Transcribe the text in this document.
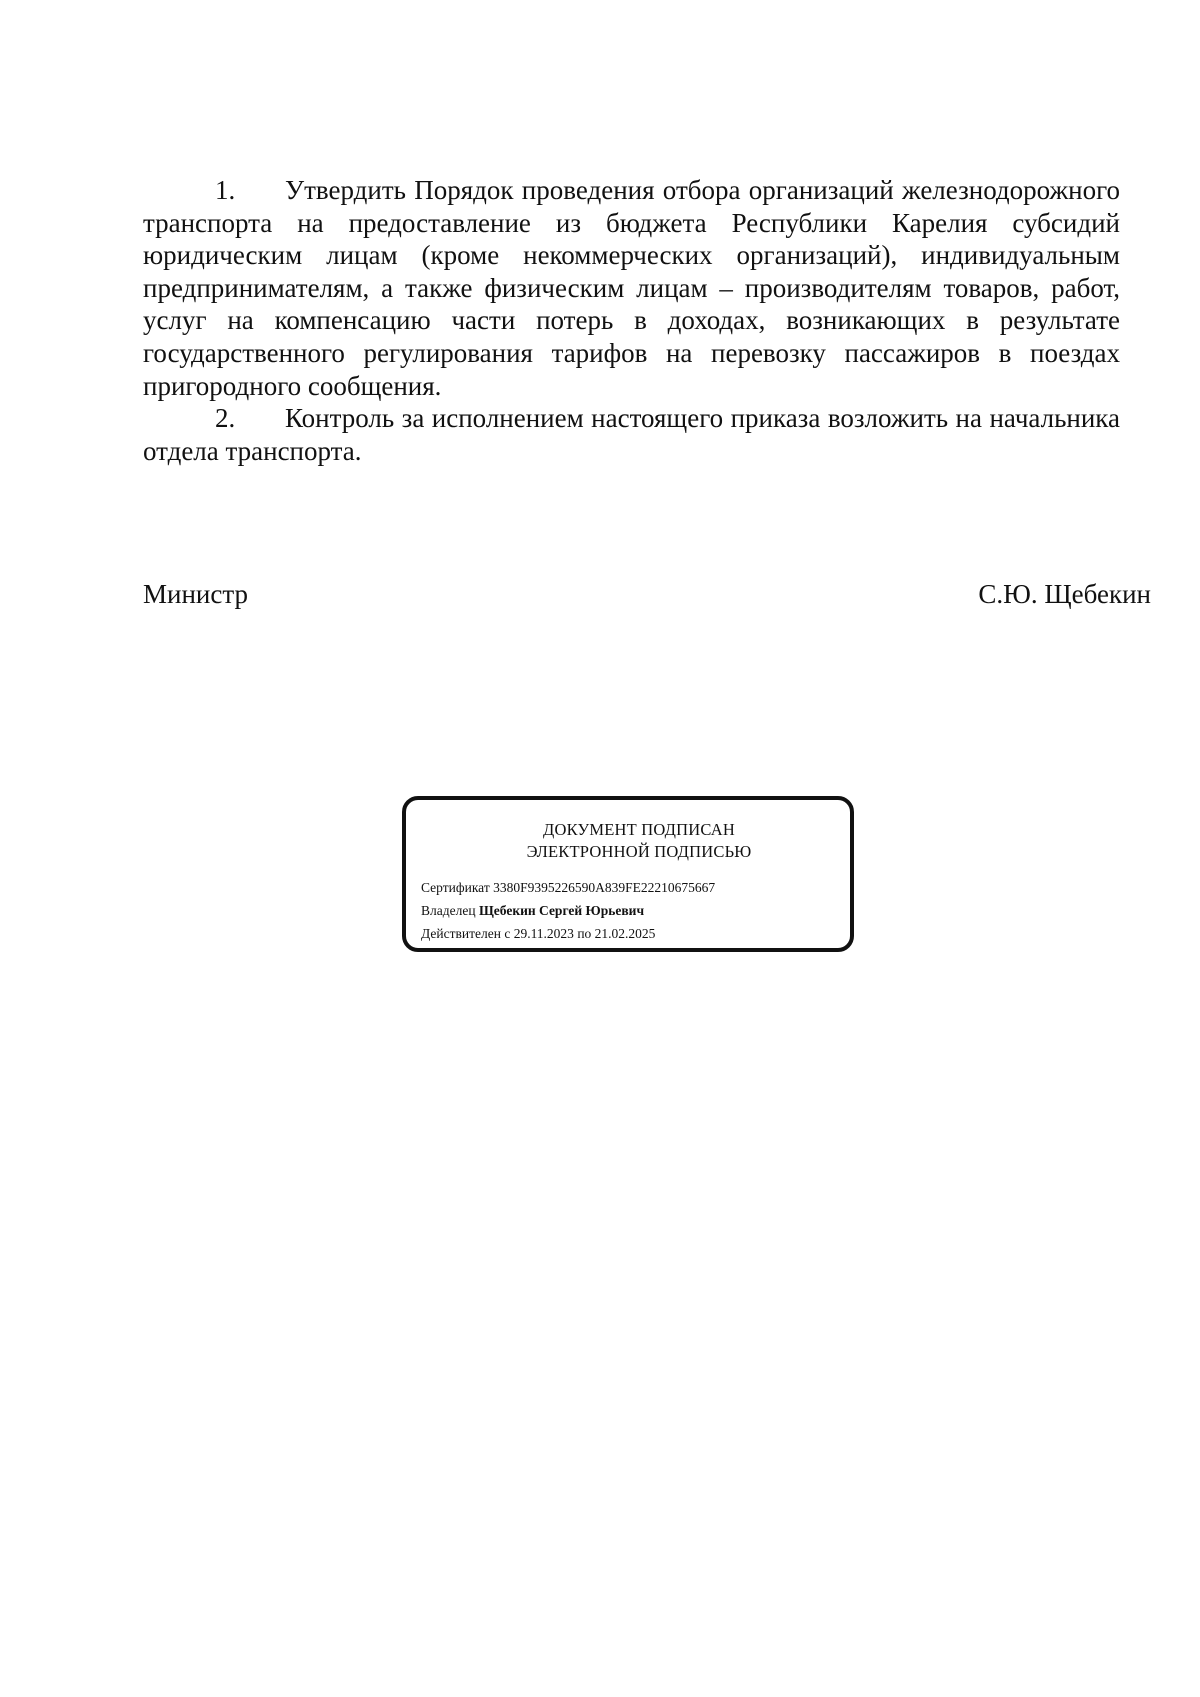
1. Утвердить Порядок проведения отбора организаций железнодорожного транспорта на предоставление из бюджета Республики Карелия субсидий юридическим лицам (кроме некоммерческих организаций), индивидуальным предпринимателям, а также физическим лицам – производителям товаров, работ, услуг на компенсацию части потерь в доходах, возникающих в результате государственного регулирования тарифов на перевозку пассажиров в поездах пригородного сообщения.

2. Контроль за исполнением настоящего приказа возложить на начальника отдела транспорта.

Министр	С.Ю. Щебекин
ДОКУМЕНТ ПОДПИСАН
ЭЛЕКТРОННОЙ ПОДПИСЬЮ
Сертификат 3380F9395226590A839FE22210675667
Владелец Щебекин Сергей Юрьевич
Действителен с 29.11.2023 по 21.02.2025
